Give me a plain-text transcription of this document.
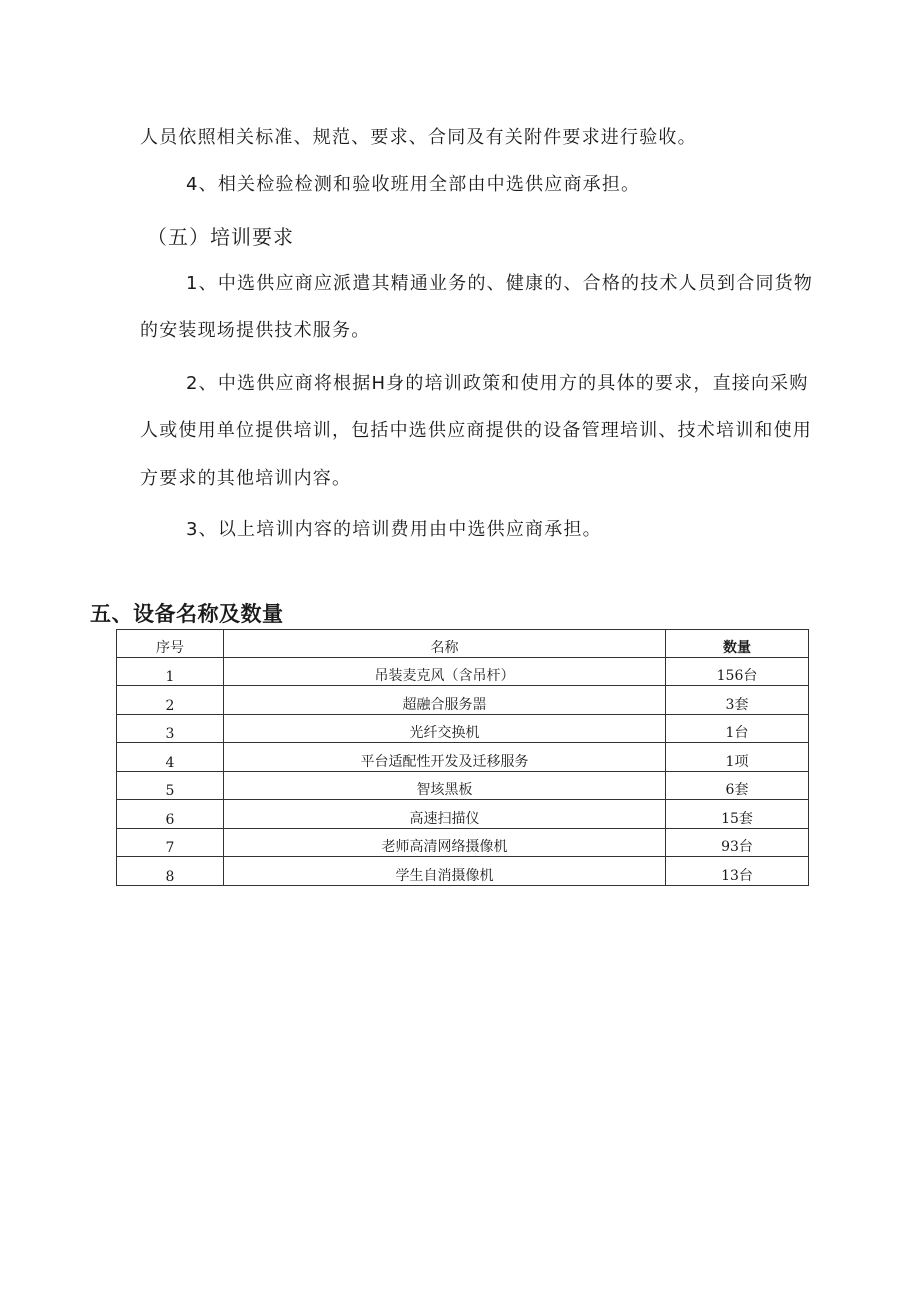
人员依照相关标准、规范、要求、合同及有关附件要求进行验收。
4、相关检验检测和验收班用全部由中选供应商承担。
（五）培训要求
1、中选供应商应派遣其精通业务的、健康的、合格的技术人员到合同货物
的安装现场提供技术服务。
2、中选供应商将根据H身的培训政策和使用方的具体的要求，直接向采购
人或使用单位提供培训，包括中选供应商提供的设备管理培训、技术培训和使用
方要求的其他培训内容。
3、以上培训内容的培训费用由中选供应商承担。
五、设备名称及数量
序号	名称	数量
1	吊装麦克风（含吊杆）	156台
2	超融合服务噐	3套
3	光纤交换机	1台
4	平台适配性开发及迁移服务	1项
5	智垓黑板	6套
6	高速扫描仪	15套
7	老师高清网络摄像机	93台
8	学生自消摄像机	13台
